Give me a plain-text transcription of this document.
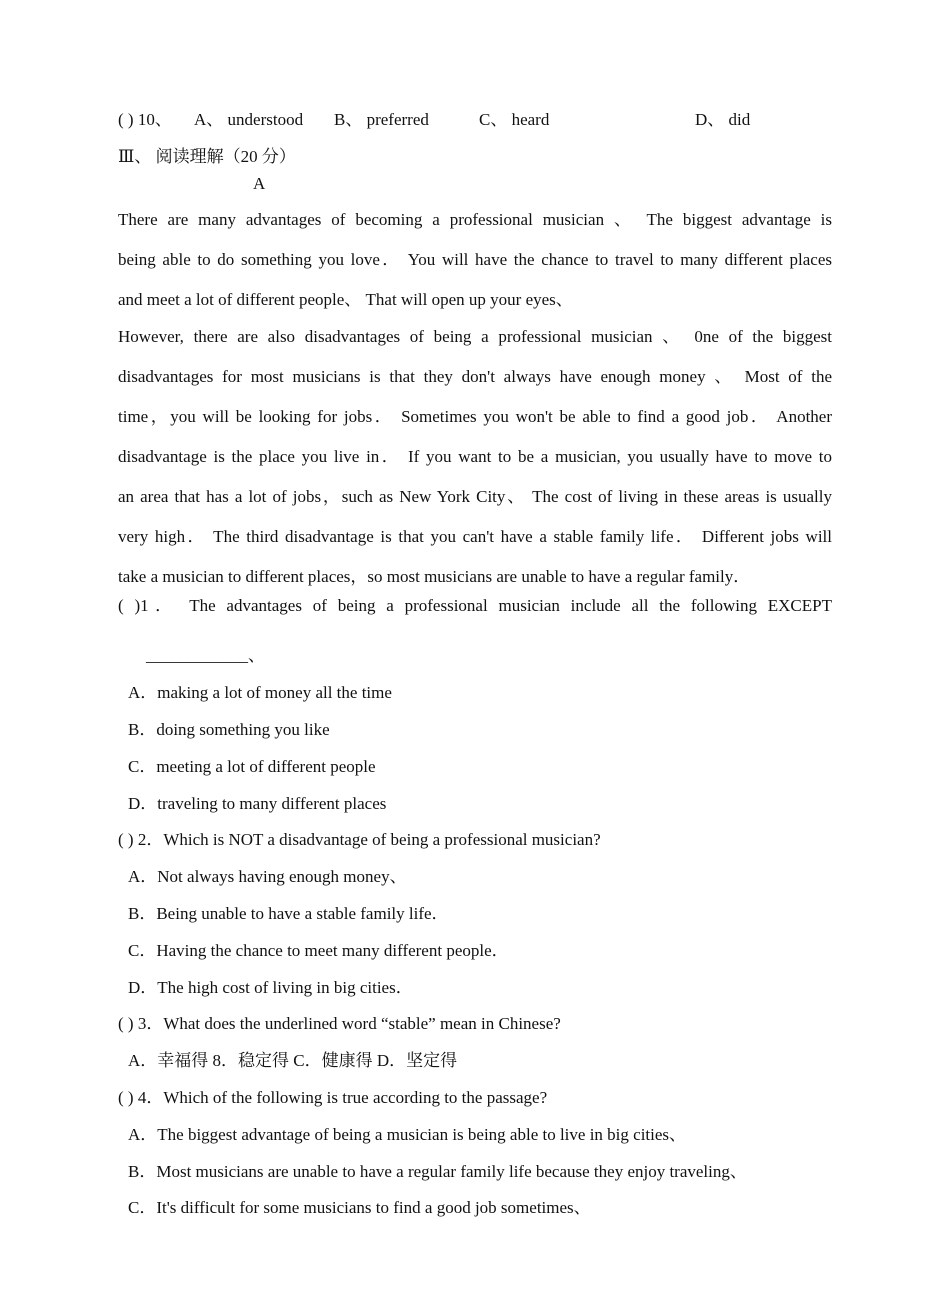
( ) 10、 A、 understood B、 preferred	C、 heard	D、 did
Ⅲ、 阅读理解（20 分）
A
There are many advantages of becoming a professional musician 、 The biggest advantage is
being able to do something you love． You will have the chance to travel to many different places
and meet a lot of different people、 That will open up your eyes、
However, there are also disadvantages of being a professional musician 、 0ne of the biggest
disadvantages for most musicians is that they don't always have enough money 、 Most of the
time，you will be looking for jobs． Sometimes you won't be able to find a good job． Another
disadvantage is the place you live in． If you want to be a musician, you usually have to move to
an area that has a lot of jobs，such as New York City、 The cost of living in these areas is usually
very high． The third disadvantage is that you can't have a stable family life． Different jobs will
take a musician to different places，so most musicians are unable to have a regular family．
( )1． The advantages of being a professional musician include all the following EXCEPT
____________、
A．making a lot of money all the time
B．doing something you like
C．meeting a lot of different people
D．traveling to many different places
( ) 2．Which is NOT a disadvantage of being a professional musician?
A．Not always having enough money、
B．Being unable to have a stable family life．
C．Having the chance to meet many different people．
D．The high cost of living in big cities．
( ) 3．What does the underlined word “stable” mean in Chinese?
A．幸福得 8．稳定得 C．健康得 D．坚定得
( ) 4．Which of the following is true according to the passage?
A．The biggest advantage of being a musician is being able to live in big cities、
B．Most musicians are unable to have a regular family life because they enjoy traveling、
C．It's difficult for some musicians to find a good job sometimes、
